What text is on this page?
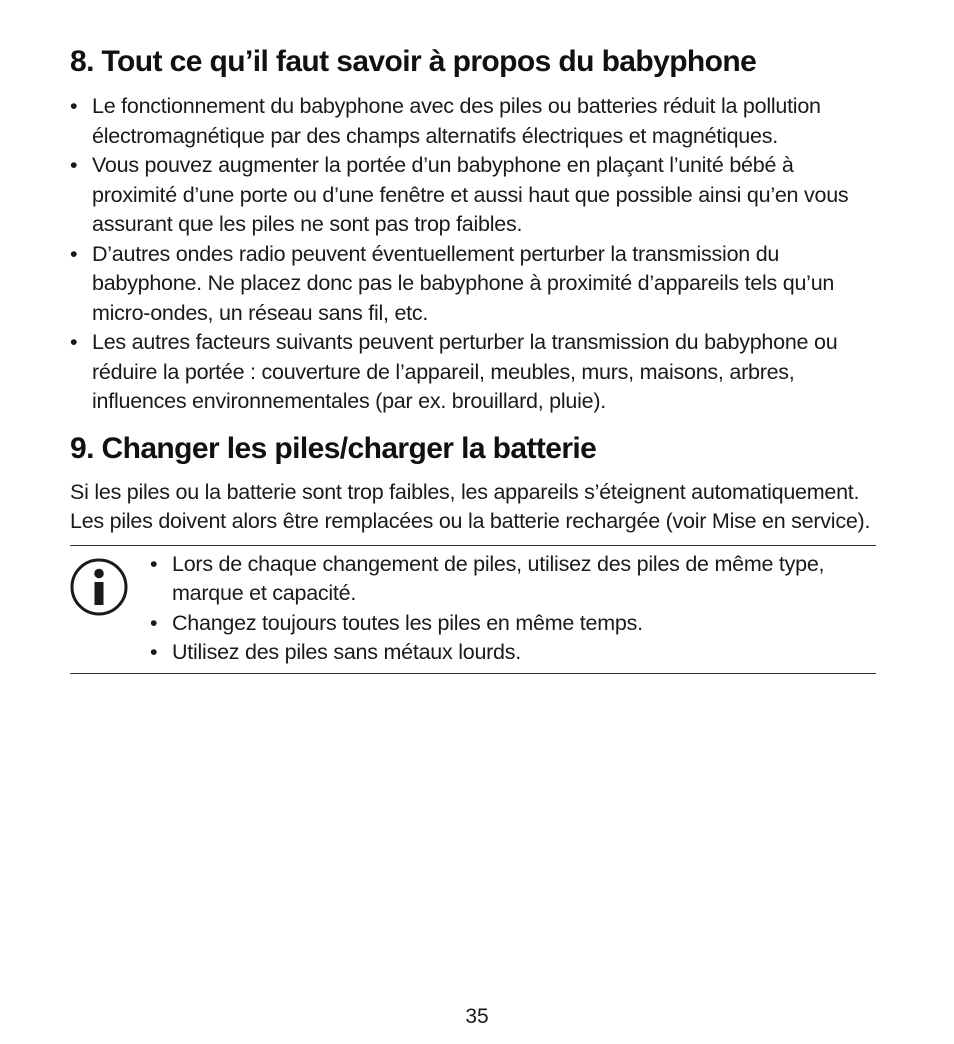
8. Tout ce qu’il faut savoir à propos du babyphone
• Le fonctionnement du babyphone avec des piles ou batteries réduit la pollution électromagnétique par des champs alternatifs électriques et magnétiques.
• Vous pouvez augmenter la portée d’un babyphone en plaçant l’unité bébé à proximité d’une porte ou d’une fenêtre et aussi haut que possible ainsi qu’en vous assurant que les piles ne sont pas trop faibles.
• D’autres ondes radio peuvent éventuellement perturber la transmission du babyphone. Ne placez donc pas le babyphone à proximité d’appareils tels qu’un micro-ondes, un réseau sans fil, etc.
• Les autres facteurs suivants peuvent perturber la transmission du babyphone ou réduire la portée : couverture de l’appareil, meubles, murs, maisons, arbres, influences environnementales (par ex. brouillard, pluie).
9. Changer les piles/charger la batterie

Si les piles ou la batterie sont trop faibles, les appareils s’éteignent automatiquement. Les piles doivent alors être remplacées ou la batterie rechargée (voir Mise en service).

• Lors de chaque changement de piles, utilisez des piles de même type, marque et capacité.
• Changez toujours toutes les piles en même temps.
• Utilisez des piles sans métaux lourds.
35
